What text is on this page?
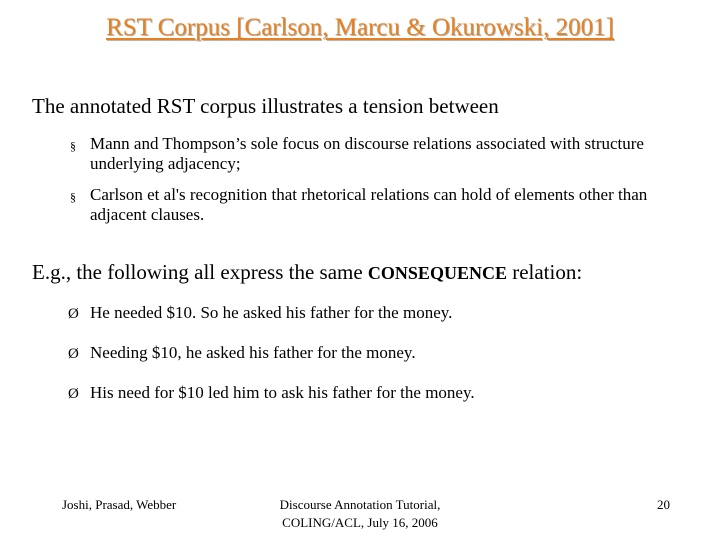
RST Corpus [Carlson, Marcu & Okurowski, 2001]
The annotated RST corpus illustrates a tension between
§ Mann and Thompson’s sole focus on discourse relations associated with structure underlying adjacency;
§ Carlson et al's recognition that rhetorical relations can hold of elements other than adjacent clauses.
E.g., the following all express the same CONSEQUENCE relation:
Ø He needed $10. So he asked his father for the money.
Ø Needing $10, he asked his father for the money.
Ø His need for $10 led him to ask his father for the money.
Joshi, Prasad, Webber	Discourse Annotation Tutorial,
COLING/ACL, July 16, 2006
20
